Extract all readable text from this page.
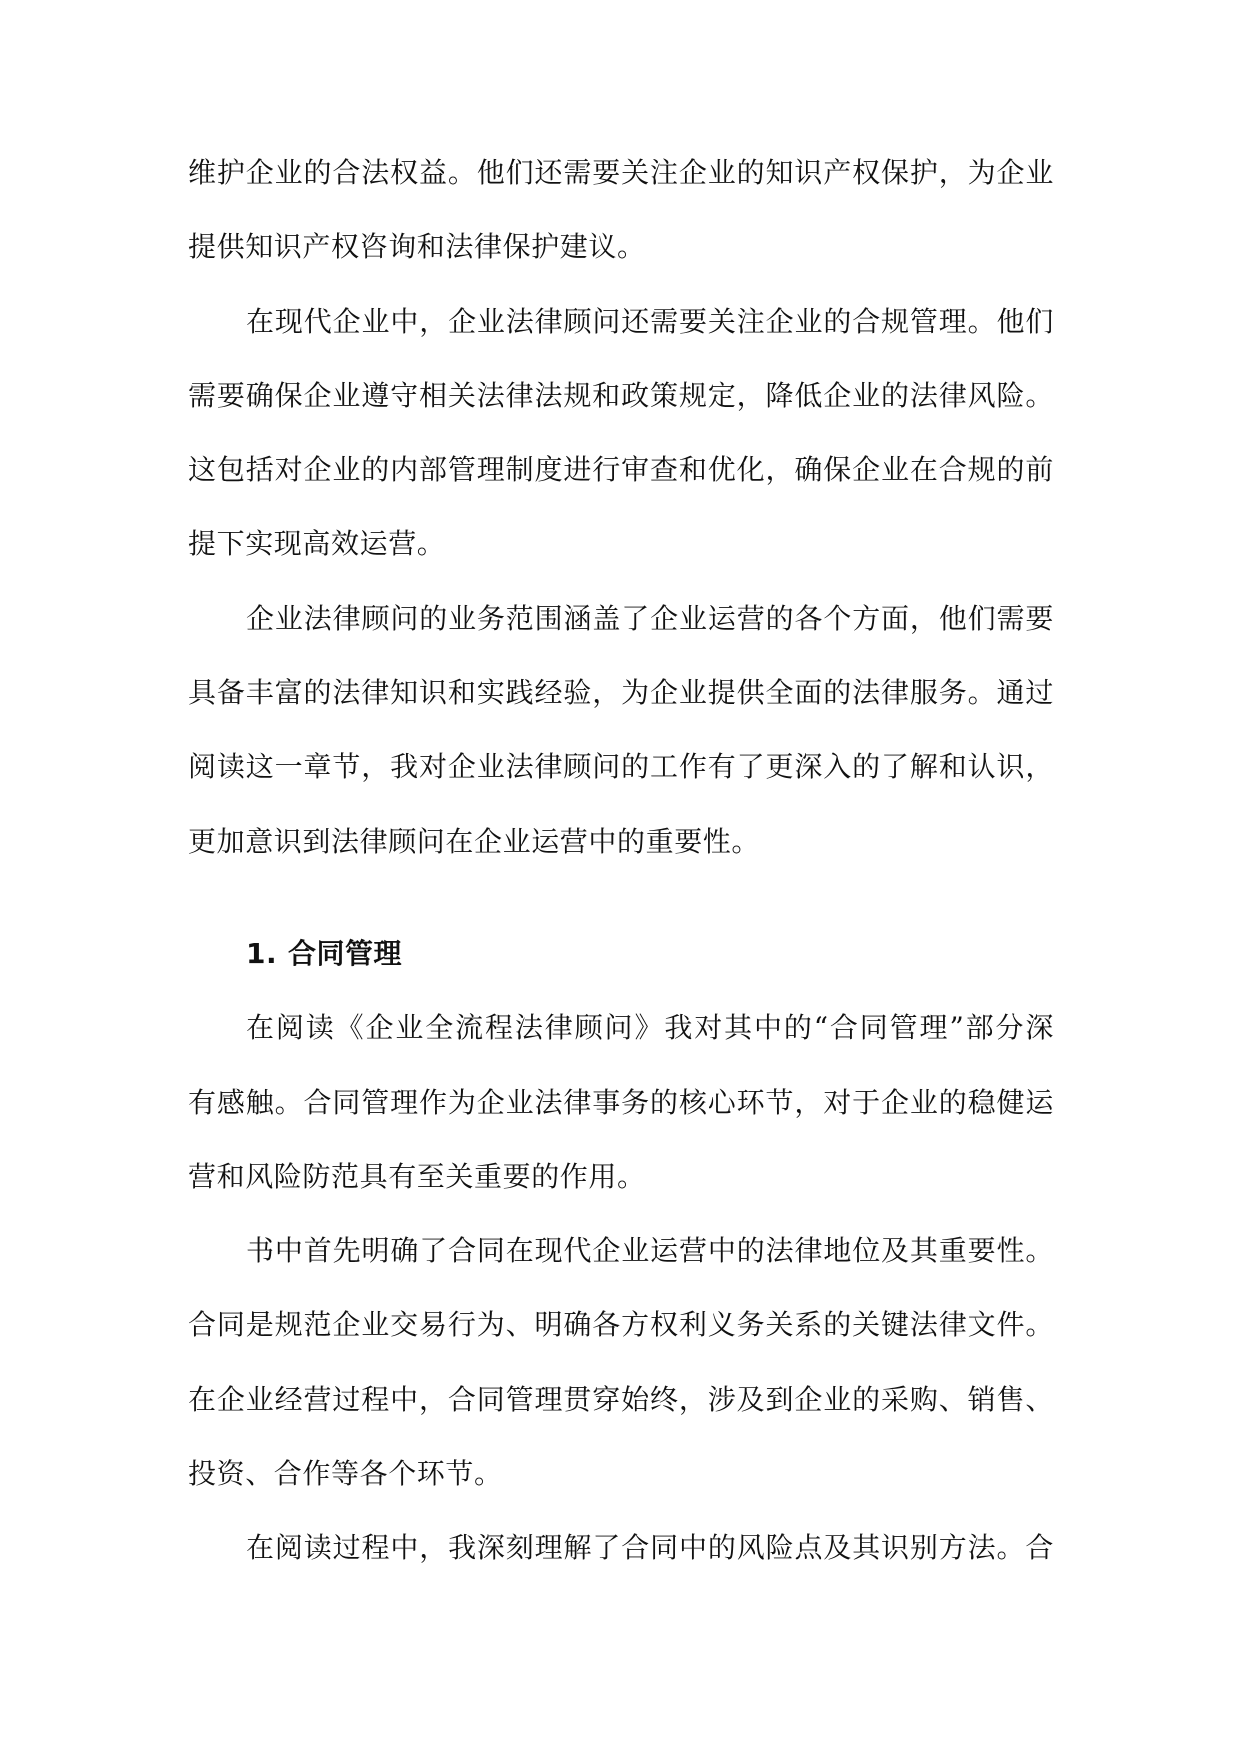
维护企业的合法权益。他们还需要关注企业的知识产权保护，为企业
提供知识产权咨询和法律保护建议。
在现代企业中，企业法律顾问还需要关注企业的合规管理。他们
需要确保企业遵守相关法律法规和政策规定，降低企业的法律风险。
这包括对企业的内部管理制度进行审查和优化，确保企业在合规的前
提下实现高效运营。
企业法律顾问的业务范围涵盖了企业运营的各个方面，他们需要
具备丰富的法律知识和实践经验，为企业提供全面的法律服务。通过
阅读这一章节，我对企业法律顾问的工作有了更深入的了解和认识，
更加意识到法律顾问在企业运营中的重要性。
1. 合同管理
在阅读《企业全流程法律顾问》我对其中的“合同管理”部分深
有感触。合同管理作为企业法律事务的核心环节，对于企业的稳健运
营和风险防范具有至关重要的作用。
书中首先明确了合同在现代企业运营中的法律地位及其重要性。
合同是规范企业交易行为、明确各方权利义务关系的关键法律文件。
在企业经营过程中，合同管理贯穿始终，涉及到企业的采购、销售、
投资、合作等各个环节。
在阅读过程中，我深刻理解了合同中的风险点及其识别方法。合
